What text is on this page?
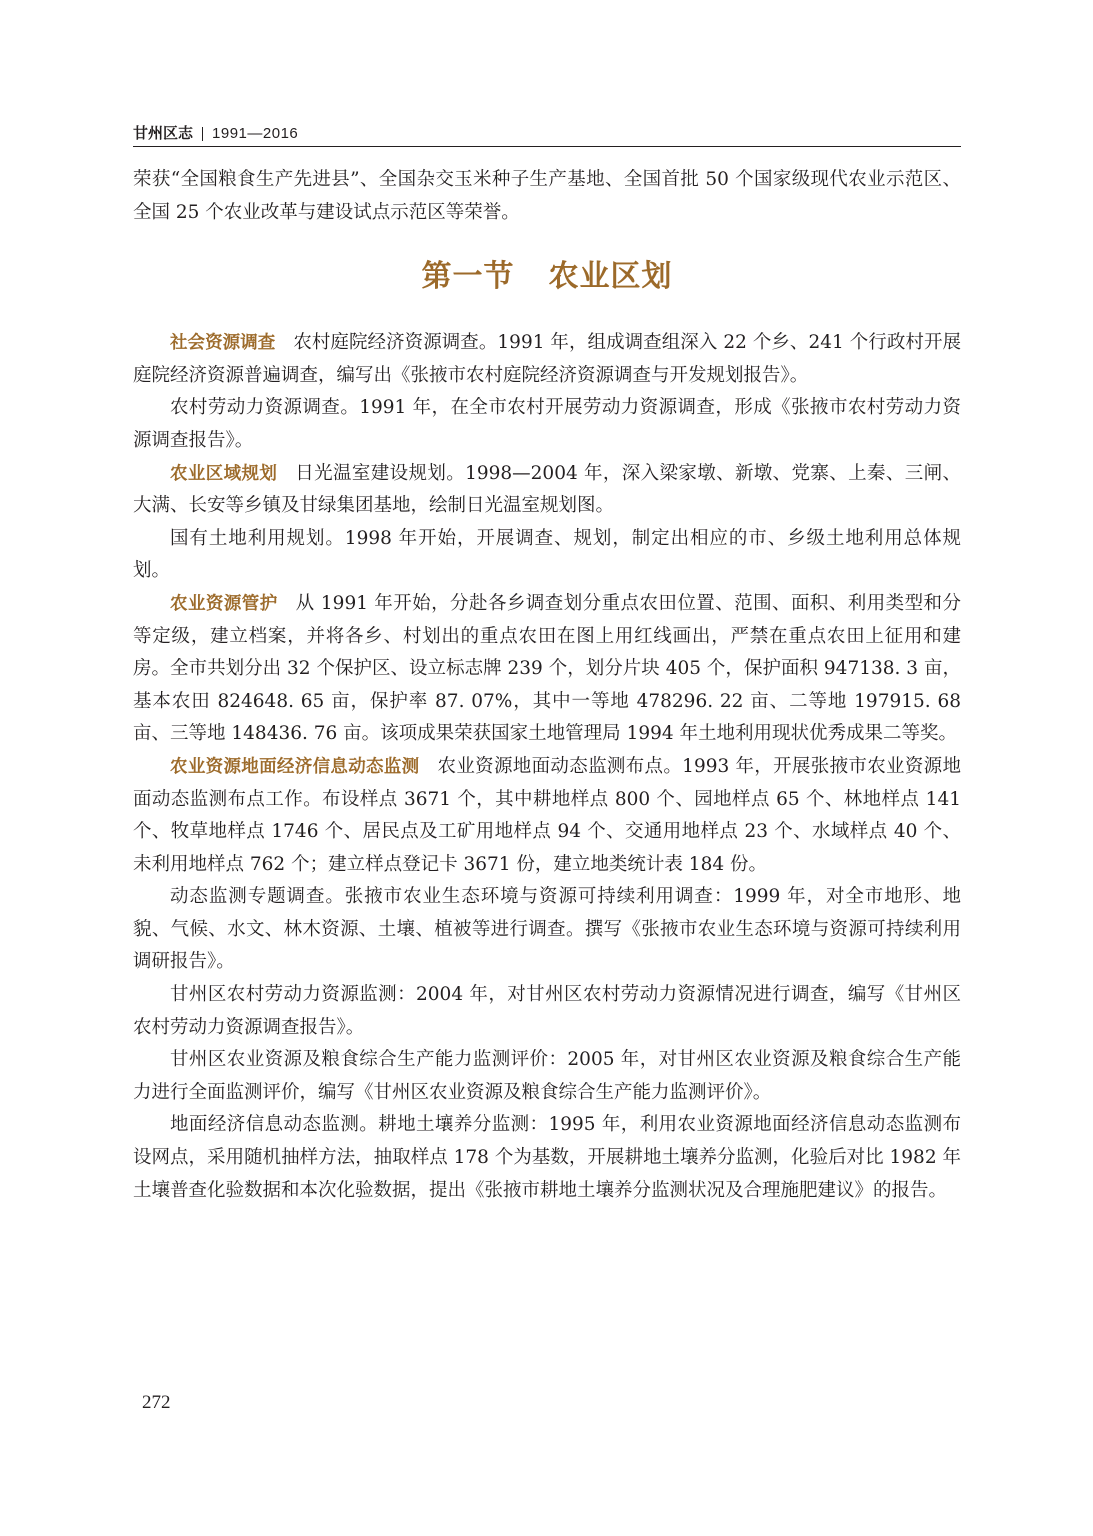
甘州区志 1991—2016

荣获“全国粮食生产先进县”、全国杂交玉米种子生产基地、全国首批 50 个国家级现代农业示范区、全国 25 个农业改革与建设试点示范区等荣誉。

第一节 农业区划

社会资源调查 农村庭院经济资源调查。1991 年，组成调查组深入 22 个乡、241 个行政村开展庭院经济资源普遍调查，编写出《张掖市农村庭院经济资源调查与开发规划报告》。

农村劳动力资源调查。1991 年，在全市农村开展劳动力资源调查，形成《张掖市农村劳动力资源调查报告》。

农业区域规划 日光温室建设规划。1998—2004 年，深入梁家墩、新墩、党寨、上秦、三闸、大满、长安等乡镇及甘绿集团基地，绘制日光温室规划图。

国有土地利用规划。1998 年开始，开展调查、规划，制定出相应的市、乡级土地利用总体规划。

农业资源管护 从 1991 年开始，分赴各乡调查划分重点农田位置、范围、面积、利用类型和分等定级，建立档案，并将各乡、村划出的重点农田在图上用红线画出，严禁在重点农田上征用和建房。全市共划分出 32 个保护区、设立标志牌 239 个，划分片块 405 个，保护面积 947138. 3 亩，基本农田 824648. 65 亩，保护率 87. 07%，其中一等地 478296. 22 亩、二等地 197915. 68 亩、三等地 148436. 76 亩。该项成果荣获国家土地管理局 1994 年土地利用现状优秀成果二等奖。

农业资源地面经济信息动态监测 农业资源地面动态监测布点。1993 年，开展张掖市农业资源地面动态监测布点工作。布设样点 3671 个，其中耕地样点 800 个、园地样点 65 个、林地样点 141 个、牧草地样点 1746 个、居民点及工矿用地样点 94 个、交通用地样点 23 个、水域样点 40 个、未利用地样点 762 个；建立样点登记卡 3671 份，建立地类统计表 184 份。

动态监测专题调查。张掖市农业生态环境与资源可持续利用调查：1999 年，对全市地形、地貌、气候、水文、林木资源、土壤、植被等进行调查。撰写《张掖市农业生态环境与资源可持续利用调研报告》。

甘州区农村劳动力资源监测：2004 年，对甘州区农村劳动力资源情况进行调查，编写《甘州区农村劳动力资源调查报告》。

甘州区农业资源及粮食综合生产能力监测评价：2005 年，对甘州区农业资源及粮食综合生产能力进行全面监测评价，编写《甘州区农业资源及粮食综合生产能力监测评价》。

地面经济信息动态监测。耕地土壤养分监测：1995 年，利用农业资源地面经济信息动态监测布设网点，采用随机抽样方法，抽取样点 178 个为基数，开展耕地土壤养分监测，化验后对比 1982 年土壤普查化验数据和本次化验数据，提出《张掖市耕地土壤养分监测状况及合理施肥建议》的报告。

272
